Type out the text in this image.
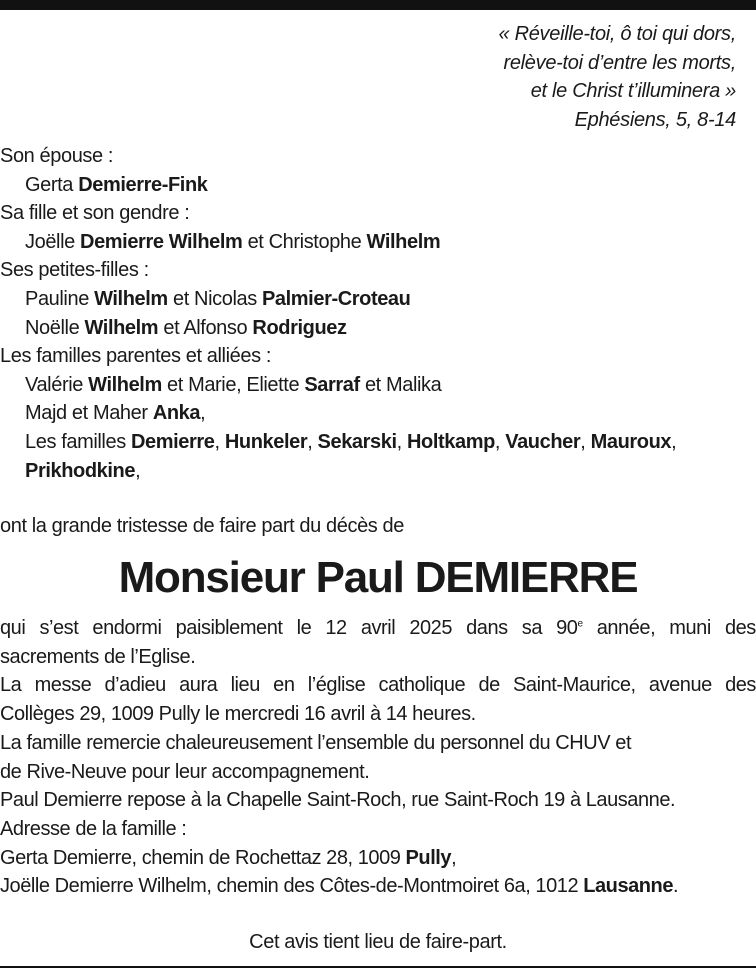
« Réveille-toi, ô toi qui dors,
relève-toi d’entre les morts,
et le Christ t’illuminera »
Ephésiens, 5, 8-14
Son épouse :
Gerta Demierre-Fink
Sa fille et son gendre :
Joëlle Demierre Wilhelm et Christophe Wilhelm
Ses petites-filles :
Pauline Wilhelm et Nicolas Palmier-Croteau
Noëlle Wilhelm et Alfonso Rodriguez
Les familles parentes et alliées :
Valérie Wilhelm et Marie, Eliette Sarraf et Malika
Majd et Maher Anka,
Les familles Demierre, Hunkeler, Sekarski, Holtkamp, Vaucher, Mauroux,
Prikhodkine,
ont la grande tristesse de faire part du décès de
Monsieur Paul DEMIERRE
qui s’est endormi paisiblement le 12 avril 2025 dans sa 90e année, muni des
sacrements de l’Eglise.
La messe d’adieu aura lieu en l’église catholique de Saint-Maurice, avenue des
Collèges 29, 1009 Pully le mercredi 16 avril à 14 heures.
La famille remercie chaleureusement l’ensemble du personnel du CHUV et
de Rive-Neuve pour leur accompagnement.
Paul Demierre repose à la Chapelle Saint-Roch, rue Saint-Roch 19 à Lausanne.
Adresse de la famille :
Gerta Demierre, chemin de Rochettaz 28, 1009 Pully,
Joëlle Demierre Wilhelm, chemin des Côtes-de-Montmoiret 6a, 1012 Lausanne.
Cet avis tient lieu de faire-part.
